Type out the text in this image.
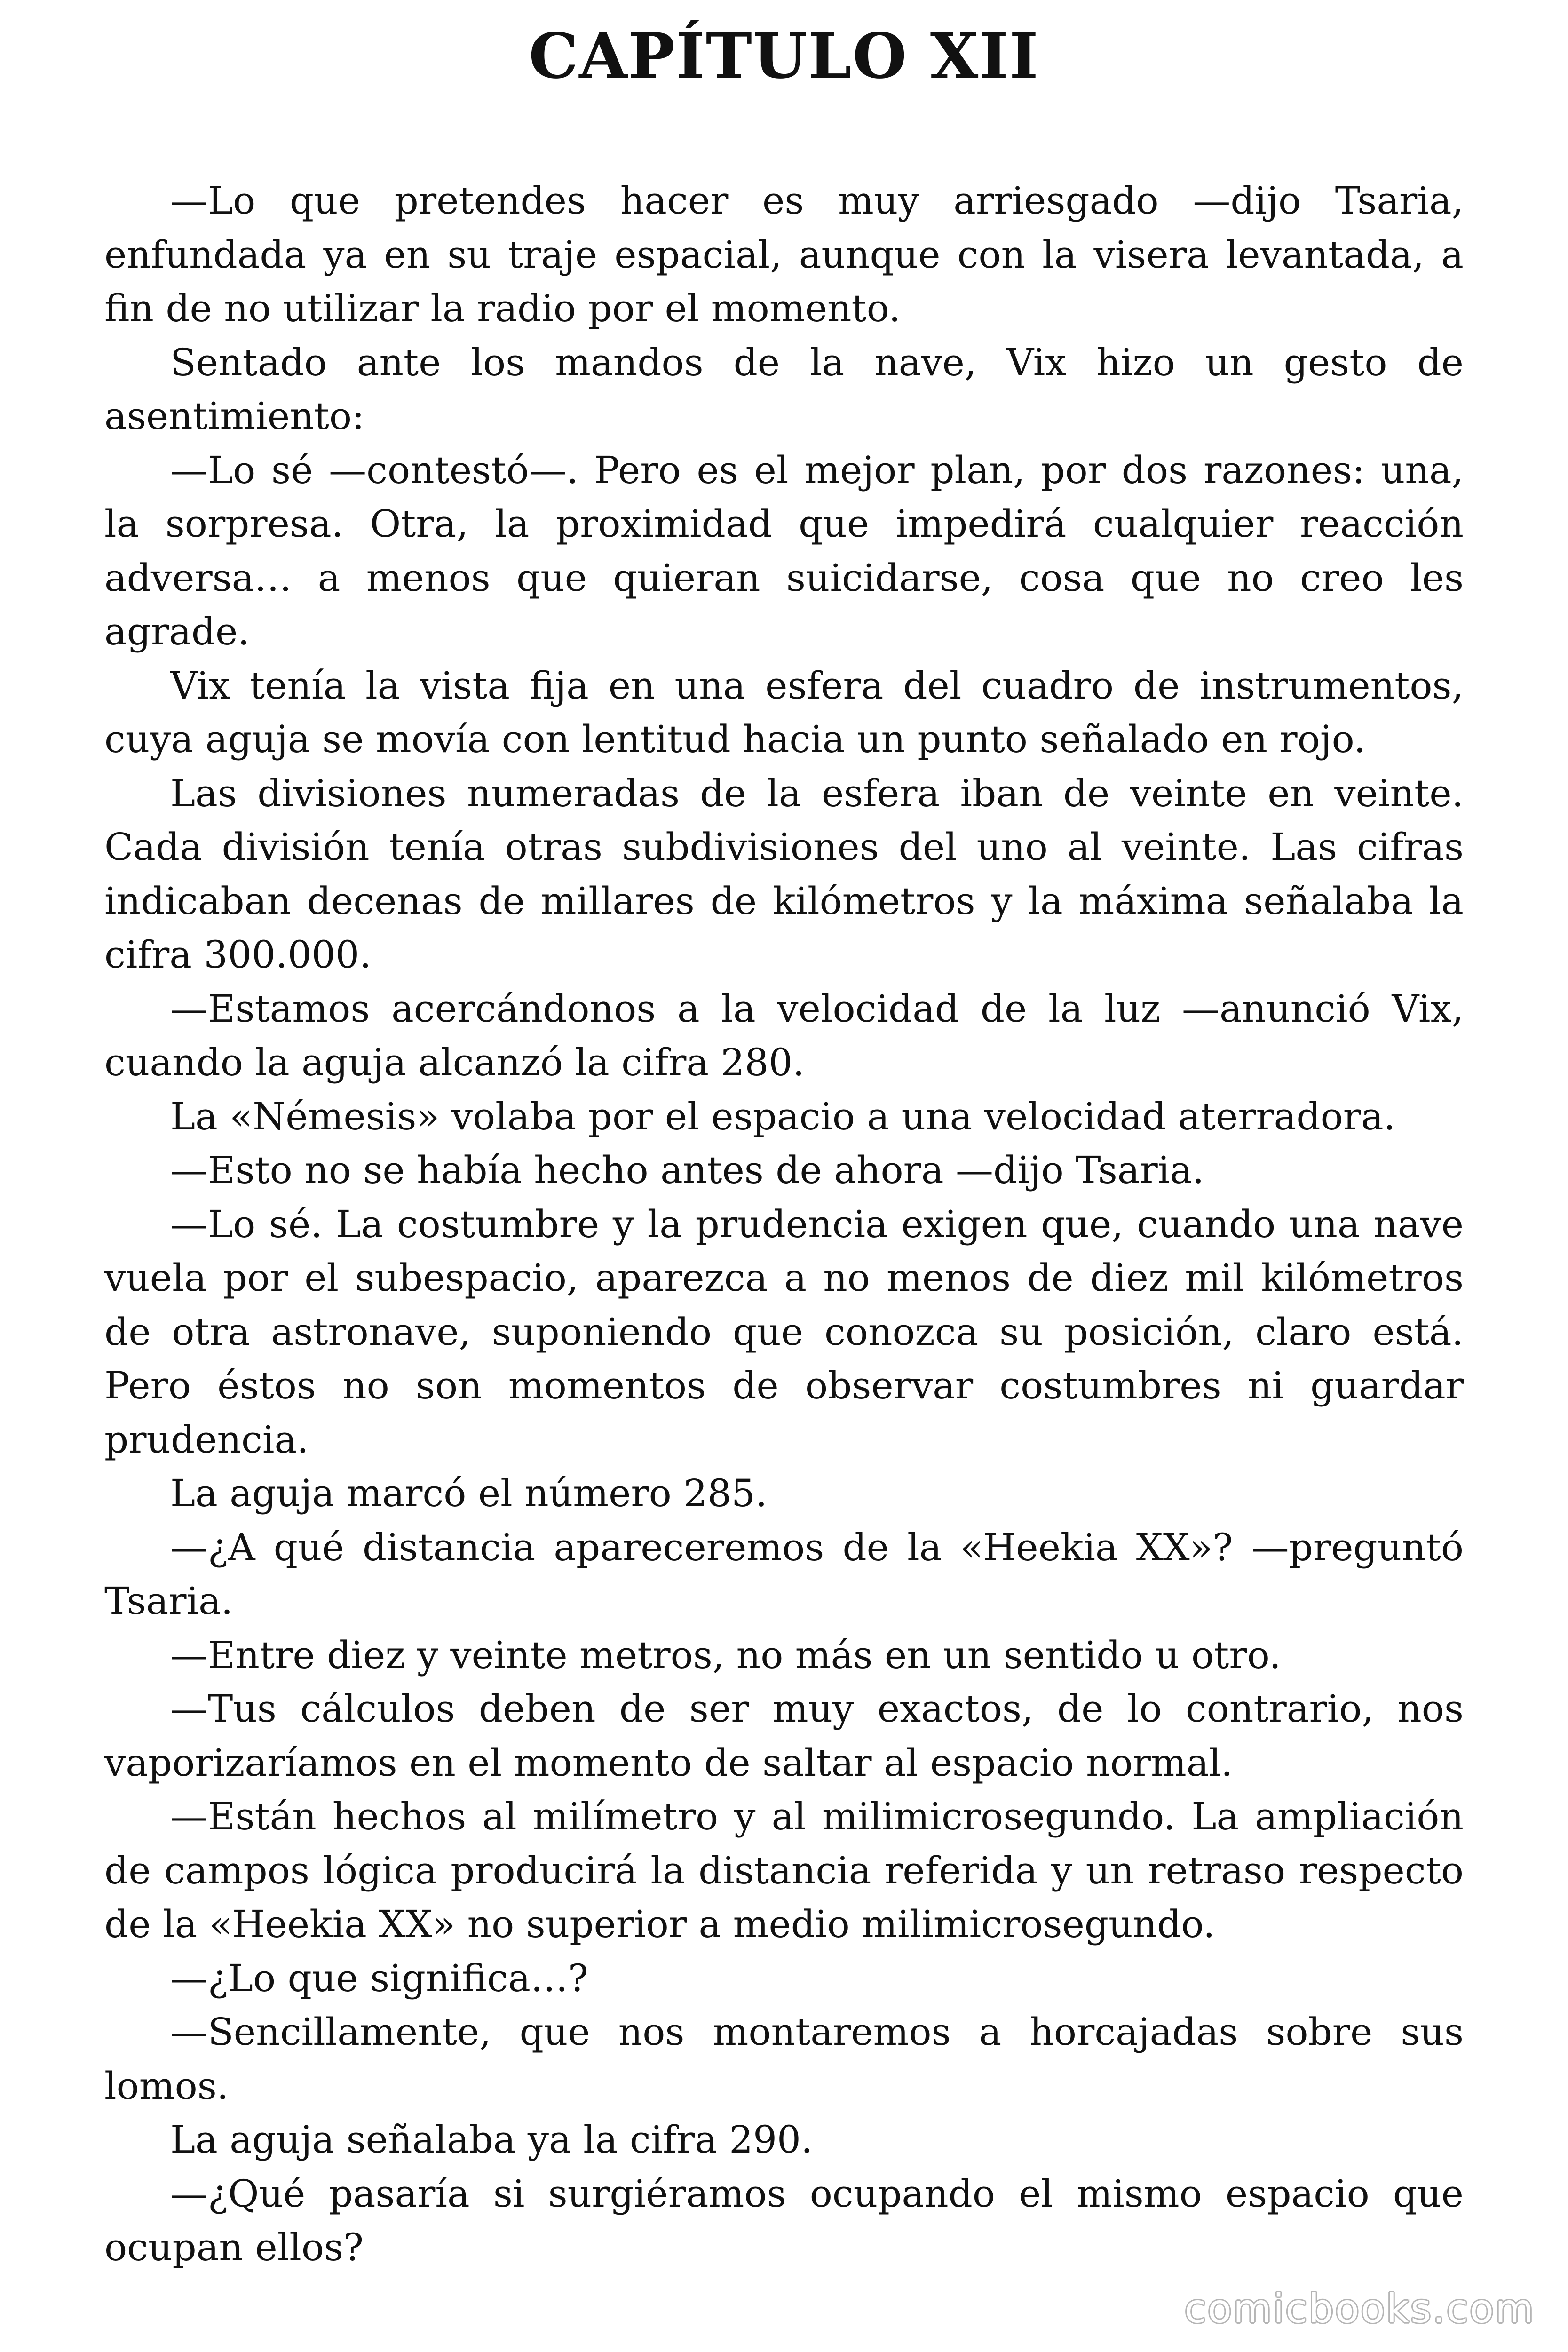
CAPÍTULO XII

—Lo que pretendes hacer es muy arriesgado —dijo Tsaria, enfundada ya en su traje espacial, aunque con la visera levantada, a fin de no utilizar la radio por el momento.

Sentado ante los mandos de la nave, Vix hizo un gesto de asentimiento:

—Lo sé —contestó—. Pero es el mejor plan, por dos razones: una, la sorpresa. Otra, la proximidad que impedirá cualquier reacción adversa… a menos que quieran suicidarse, cosa que no creo les agrade.

Vix tenía la vista fija en una esfera del cuadro de instrumentos, cuya aguja se movía con lentitud hacia un punto señalado en rojo.

Las divisiones numeradas de la esfera iban de veinte en veinte. Cada división tenía otras subdivisiones del uno al veinte. Las cifras indicaban decenas de millares de kilómetros y la máxima señalaba la cifra 300.000.

—Estamos acercándonos a la velocidad de la luz —anunció Vix, cuando la aguja alcanzó la cifra 280.

La «Némesis» volaba por el espacio a una velocidad aterradora.

—Esto no se había hecho antes de ahora —dijo Tsaria.

—Lo sé. La costumbre y la prudencia exigen que, cuando una nave vuela por el subespacio, aparezca a no menos de diez mil kilómetros de otra astronave, suponiendo que conozca su posición, claro está. Pero éstos no son momentos de observar costumbres ni guardar prudencia.

La aguja marcó el número 285.

—¿A qué distancia apareceremos de la «Heekia XX»? —preguntó Tsaria.

—Entre diez y veinte metros, no más en un sentido u otro.

—Tus cálculos deben de ser muy exactos, de lo contrario, nos vaporizaríamos en el momento de saltar al espacio normal.

—Están hechos al milímetro y al milimicrosegundo. La ampliación de campos lógica producirá la distancia referida y un retraso respecto de la «Heekia XX» no superior a medio milimicrosegundo.

—¿Lo que significa…?

—Sencillamente, que nos montaremos a horcajadas sobre sus lomos.

La aguja señalaba ya la cifra 290.

—¿Qué pasaría si surgiéramos ocupando el mismo espacio que ocupan ellos?

comicbooks.com
